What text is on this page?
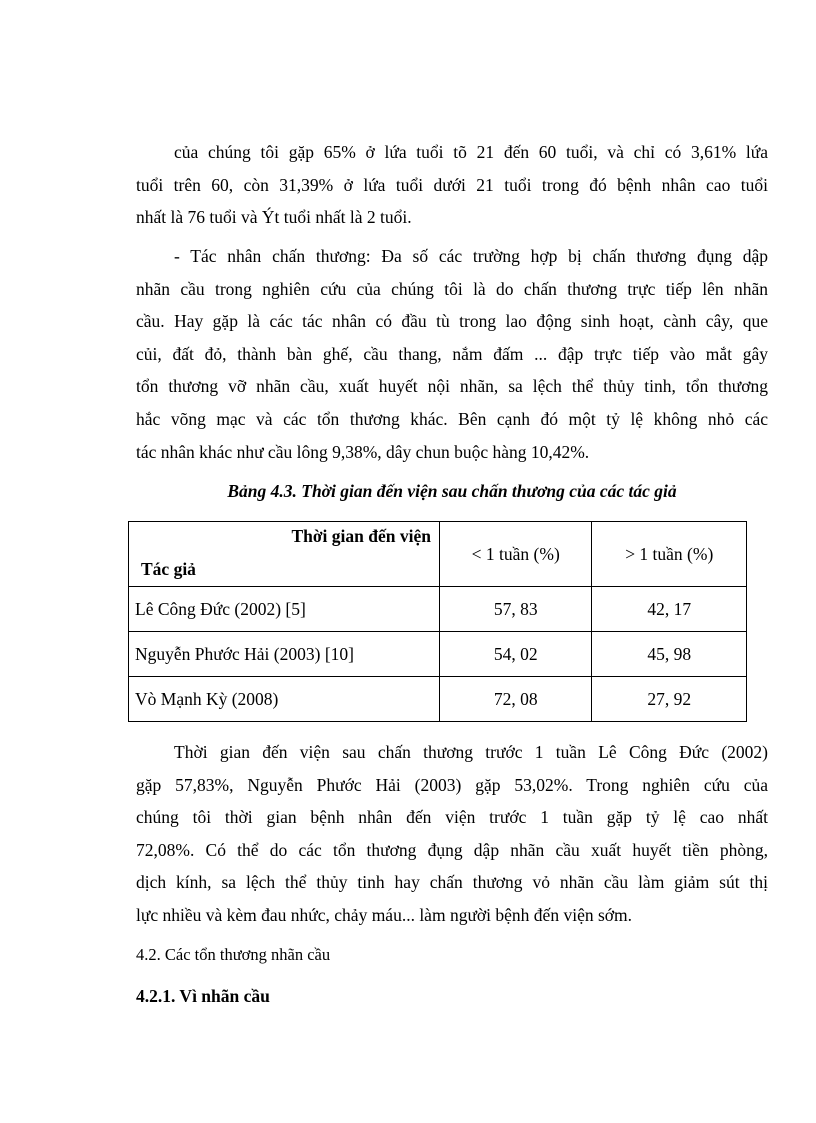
của chúng tôi gặp 65% ở lứa tuổi tõ 21 đến 60 tuổi, và chỉ có 3,61% lứa
tuổi trên 60, còn 31,39% ở lứa tuổi dưới 21 tuổi trong đó bệnh nhân cao tuổi
nhất là 76 tuổi và Ýt tuổi nhất là 2 tuổi.

- Tác nhân chấn thương: Đa số các trường hợp bị chấn thương đụng dập
nhãn cầu trong nghiên cứu của chúng tôi là do chấn thương trực tiếp lên nhãn
cầu. Hay gặp là các tác nhân có đầu tù trong lao động sinh hoạt, cành cây, que
củi, đất đỏ, thành bàn ghế, cầu thang, nắm đấm ... đập trực tiếp vào mắt gây
tổn thương vỡ nhãn cầu, xuất huyết nội nhãn, sa lệch thể thủy tinh, tổn thương
hắc võng mạc và các tổn thương khác. Bên cạnh đó một tỷ lệ không nhỏ các
tác nhân khác như cầu lông 9,38%, dây chun buộc hàng 10,42%.

Bảng 4.3. Thời gian đến viện sau chấn thương của các tác giả

Thời gian đến viện
Tác giả	< 1 tuần (%)	> 1 tuần (%)
Lê Công Đức (2002) [5]	57, 83	42, 17
Nguyễn Phước Hải (2003) [10]	54, 02	45, 98
Vò Mạnh Kỳ (2008)	72, 08	27, 92

Thời gian đến viện sau chấn thương trước 1 tuần Lê Công Đức (2002)
gặp 57,83%, Nguyễn Phước Hải (2003) gặp 53,02%. Trong nghiên cứu của
chúng tôi thời gian bệnh nhân đến viện trước 1 tuần gặp tỷ lệ cao nhất
72,08%. Có thể do các tổn thương đụng dập nhãn cầu xuất huyết tiền phòng,
dịch kính, sa lệch thể thủy tinh hay chấn thương vỏ nhãn cầu làm giảm sút thị
lực nhiều và kèm đau nhức, chảy máu... làm người bệnh đến viện sớm.

4.2. Các tổn thương nhãn cầu

4.2.1. Vì nhãn cầu
